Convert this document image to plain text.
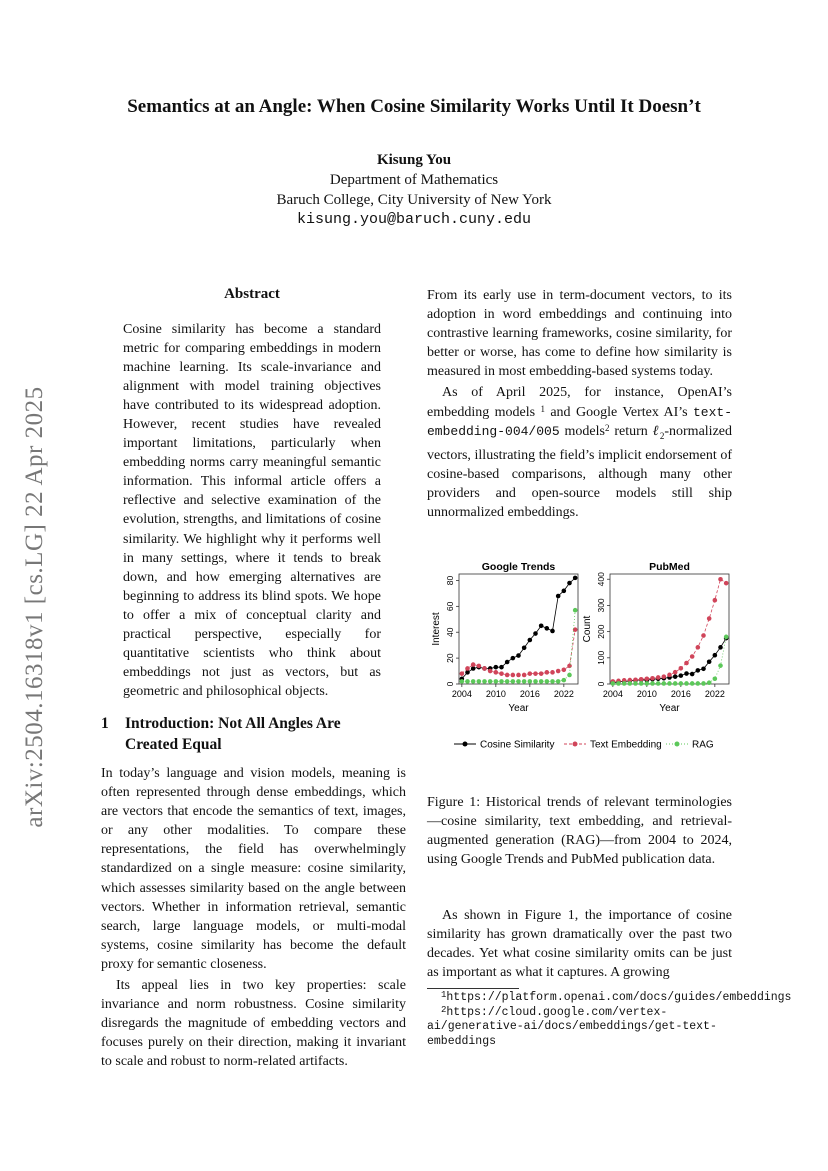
arXiv:2504.16318v1 [cs.LG] 22 Apr 2025
Semantics at an Angle: When Cosine Similarity Works Until It Doesn’t
Kisung You
Department of Mathematics
Baruch College, City University of New York
kisung.you@baruch.cuny.edu
Abstract
Cosine similarity has become a standard metric for comparing embeddings in modern machine learning. Its scale-invariance and alignment with model training objectives have contributed to its widespread adoption. However, recent studies have revealed important limitations, particularly when embedding norms carry meaningful semantic information. This informal article offers a reflective and selective examination of the evolution, strengths, and limitations of cosine similarity. We highlight why it performs well in many settings, where it tends to break down, and how emerging alternatives are beginning to address its blind spots. We hope to offer a mix of conceptual clarity and practical perspective, especially for quantitative scientists who think about embeddings not just as vectors, but as geometric and philosophical objects.
1 Introduction: Not All Angles Are Created Equal

In today’s language and vision models, meaning is often represented through dense embeddings, which are vectors that encode the semantics of text, images, or any other modalities. To compare these representations, the field has overwhelmingly standardized on a single measure: cosine similarity, which assesses similarity based on the angle between vectors. Whether in information retrieval, semantic search, large language models, or multi-modal systems, cosine similarity has become the default proxy for semantic closeness.

Its appeal lies in two key properties: scale invariance and norm robustness. Cosine similarity disregards the magnitude of embedding vectors and focuses purely on their direction, making it invariant to scale and robust to norm-related artifacts.

From its early use in term-document vectors, to its adoption in word embeddings and continuing into contrastive learning frameworks, cosine similarity, for better or worse, has come to define how similarity is measured in most embedding-based systems today.

As of April 2025, for instance, OpenAI’s embedding models $^1$ and Google Vertex AI’s text-embedding-004/005 models$^2$ return ℓ$_2$-normalized vectors, illustrating the field’s implicit endorsement of cosine-based comparisons, although many other providers and open-source models still ship unnormalized embeddings.

Google Trends
2004 2010 2016 2022
Year
0
20
40
60
80
Interest
PubMed
2004 2010 2016 2022
Year
0
100
200
300
400
Count
Cosine Similarity	Text Embedding	RAG
Figure 1: Historical trends of relevant terminologies—cosine similarity, text embedding, and retrieval-augmented generation (RAG)—from 2004 to 2024, using Google Trends and PubMed publication data.
As shown in Figure 1, the importance of cosine similarity has grown dramatically over the past two decades. Yet what cosine similarity omits can be just as important as what it captures. A growing
$^1$https://platform.openai.com/docs/guides/embeddings
$^2$https://cloud.google.com/vertex-ai/generative-ai/docs/embeddings/get-text-embeddings
